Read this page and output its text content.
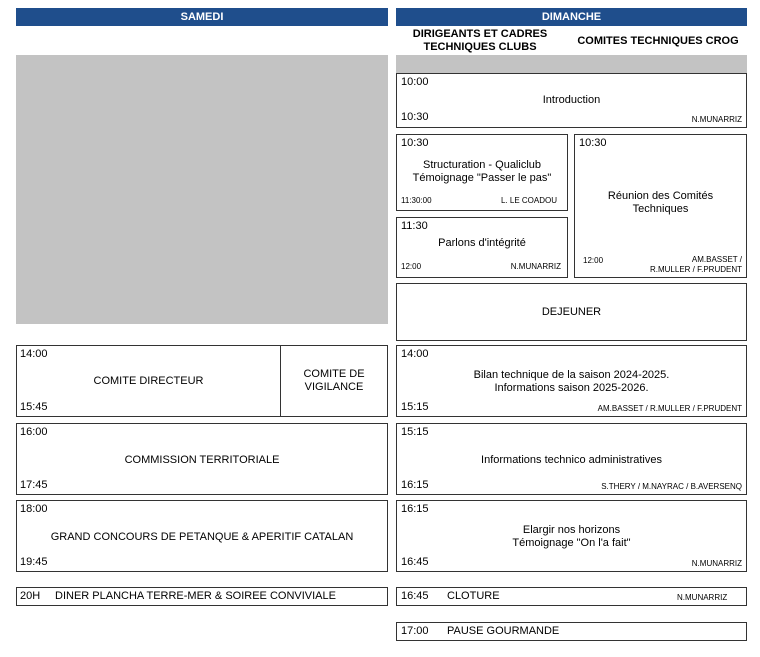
SAMEDI	DIMANCHE
DIRIGEANTS ET CADRES
TECHNIQUES CLUBS	COMITES TECHNIQUES CROG
10:00
Introduction
10:30	N.MUNARRIZ
10:30
Structuration - Qualiclub
Témoignage "Passer le pas"
11:30:00	L. LE COADOU
11:30
Parlons d'intégrité
12:00	N.MUNARRIZ
10:30
Réunion des Comités
Techniques
12:00	AM.BASSET /
R.MULLER / F.PRUDENT
DEJEUNER
14:00
Bilan technique de la saison 2024-2025.
Informations saison 2025-2026.
15:15	AM.BASSET / R.MULLER / F.PRUDENT
15:15
Informations technico administratives
16:15	S.THERY / M.NAYRAC / B.AVERSENQ
16:15
Elargir nos horizons
Témoignage "On l'a fait"
16:45	N.MUNARRIZ
16:45 CLOTURE	N.MUNARRIZ
17:00 PAUSE GOURMANDE
14:00
COMITE DIRECTEUR
15:45
COMITE DE
VIGILANCE
16:00
COMMISSION TERRITORIALE
17:45
18:00
GRAND CONCOURS DE PETANQUE & APERITIF CATALAN
19:45
20H DINER PLANCHA TERRE-MER & SOIREE CONVIVIALE
